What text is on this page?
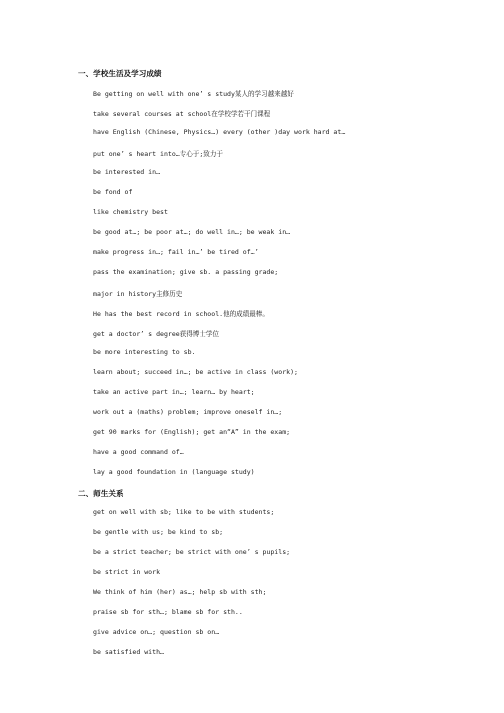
一、学校生活及学习成绩
Be getting on well with one’ s study某人的学习越来越好
take several courses at school在学校学若干门课程
have English (Chinese, Physics…) every (other )day work hard at…
put one’ s heart into…专心于;致力于
be interested in…
be fond of
like chemistry best
be good at…; be poor at…; do well in…; be weak in…
make progress in…; fail in…’ be tired of…’
pass the examination; give sb. a passing grade;
major in history主修历史
He has the best record in school.他的成绩最棒。
get a doctor’ s degree获得博士学位
be more interesting to sb.
learn about; succeed in…; be active in class (work);
take an active part in…; learn… by heart;
work out a (maths) problem; improve oneself in…;
get 90 marks for (English); get an“A” in the exam;
have a good command of…
lay a good foundation in (language study)
二、师生关系
get on well with sb; like to be with students;
be gentle with us; be kind to sb;
be a strict teacher; be strict with one’ s pupils;
be strict in work
We think of him (her) as…; help sb with sth;
praise sb for sth…; blame sb for sth..
give advice on…; question sb on…
be satisfied with…
